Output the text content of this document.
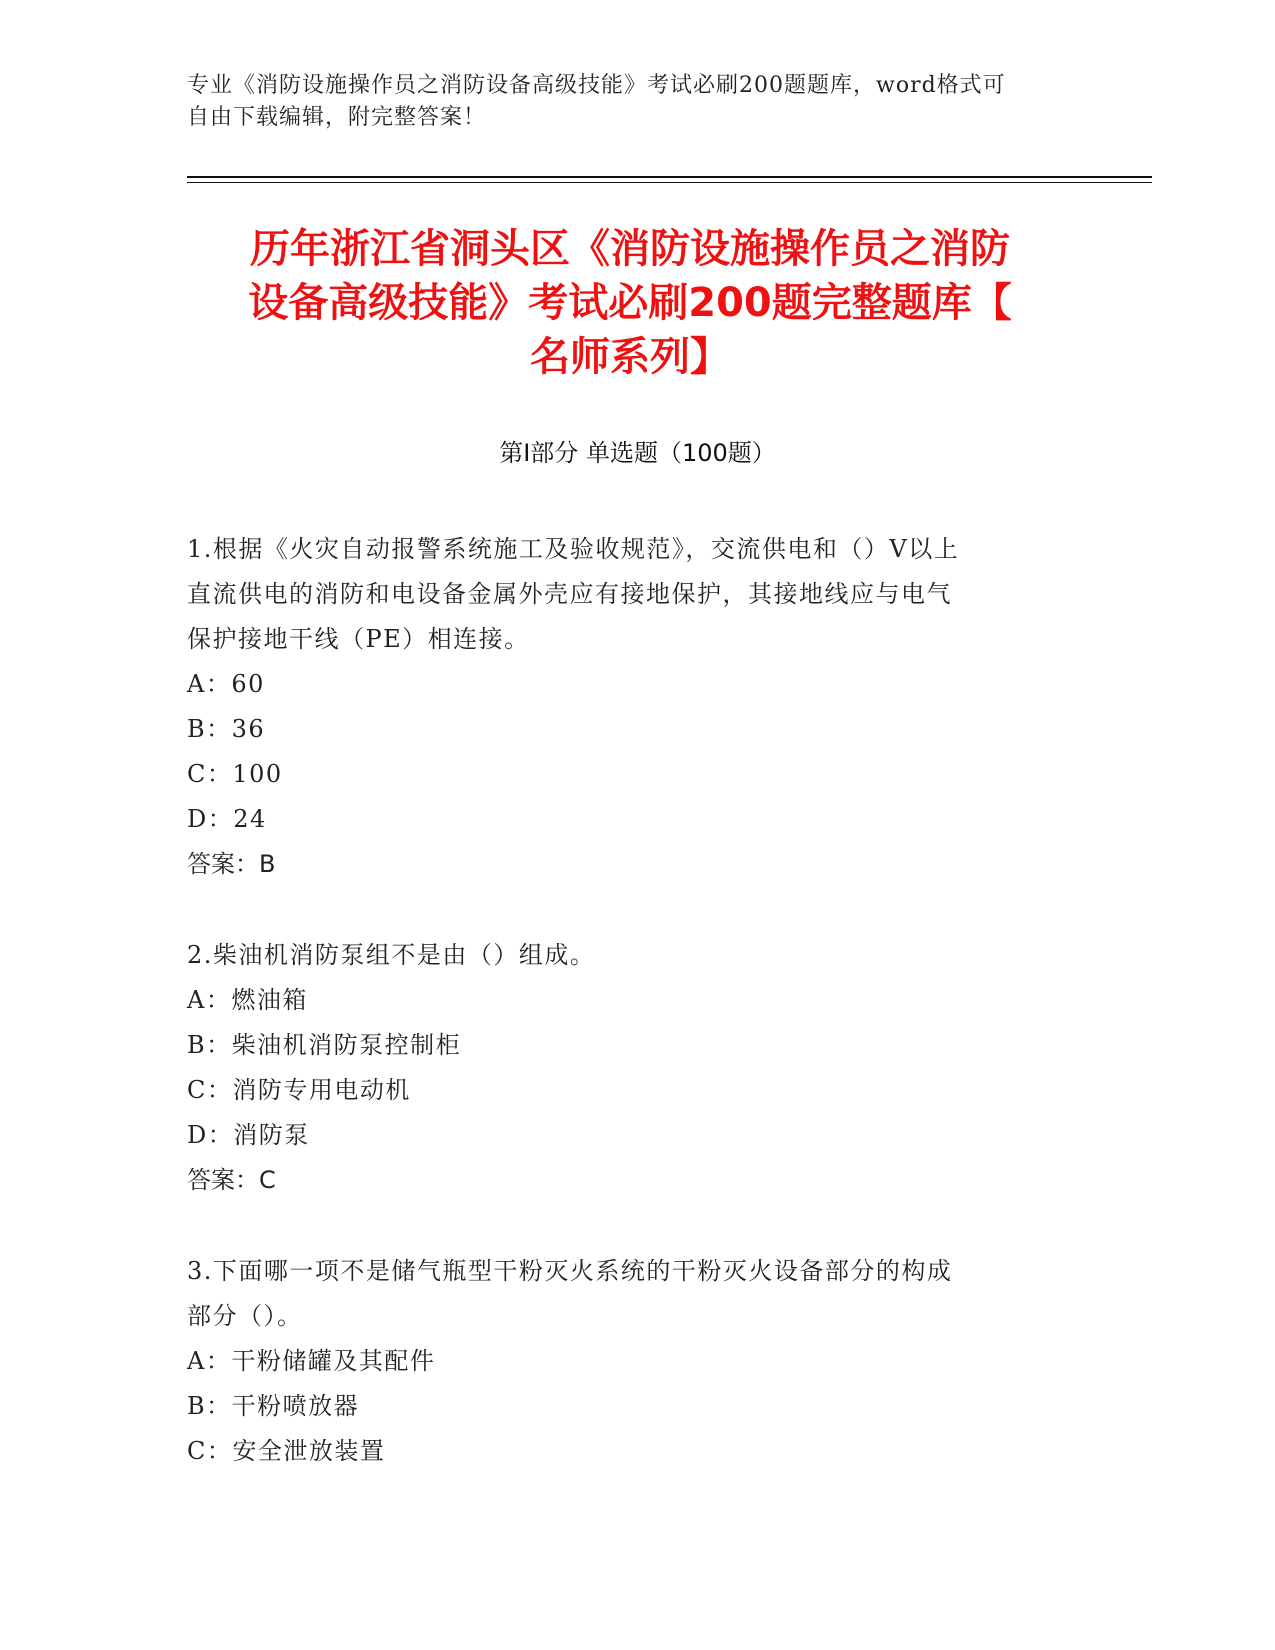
专业《消防设施操作员之消防设备高级技能》考试必刷200题题库，word格式可
自由下载编辑，附完整答案！
历年浙江省洞头区《消防设施操作员之消防
设备高级技能》考试必刷200题完整题库【
名师系列】
第Ⅰ部分 单选题（100题）

1.根据《火灾自动报警系统施工及验收规范》，交流供电和（）V以上

直流供电的消防和电设备金属外壳应有接地保护，其接地线应与电气

保护接地干线（PE）相连接。

A：60

B：36

C：100

D：24

答案：B

2.柴油机消防泵组不是由（）组成。

A：燃油箱

B：柴油机消防泵控制柜

C：消防专用电动机

D：消防泵

答案：C

3.下面哪一项不是储气瓶型干粉灭火系统的干粉灭火设备部分的构成

部分（）。

A：干粉储罐及其配件

B：干粉喷放器

C：安全泄放装置
